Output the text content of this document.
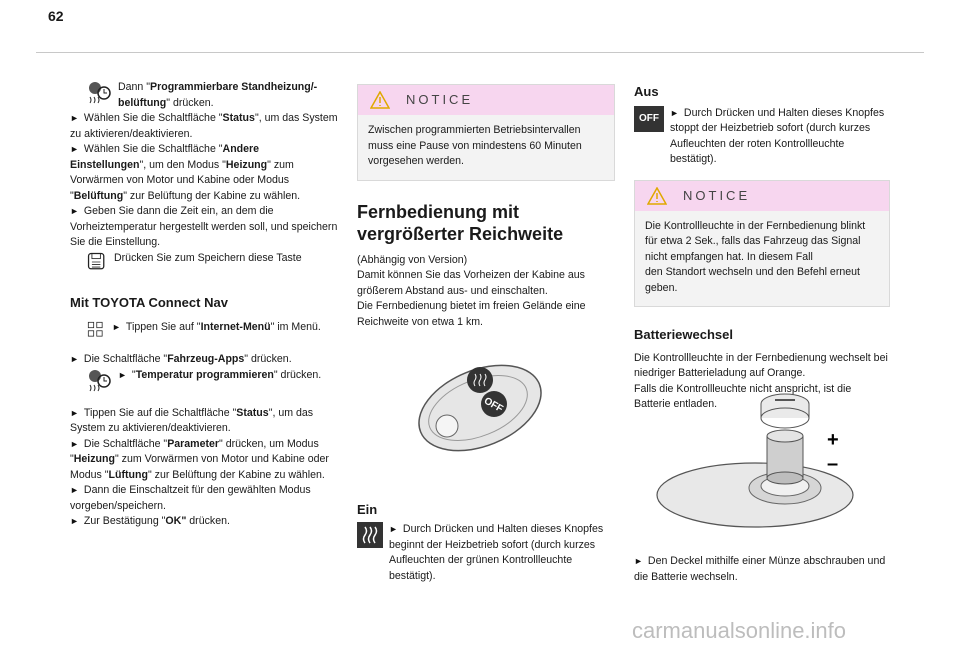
62

Dann "Programmierbare Standheizung/-belüftung" drücken.

► Wählen Sie die Schaltfläche "Status", um das System zu aktivieren/deaktivieren.

► Wählen Sie die Schaltfläche "Andere Einstellungen", um den Modus "Heizung" zum Vorwärmen von Motor und Kabine oder Modus "Belüftung" zur Belüftung der Kabine zu wählen.

► Geben Sie dann die Zeit ein, an dem die Vorheiztemperatur hergestellt werden soll, und speichern Sie die Einstellung.

Drücken Sie zum Speichern diese Taste

Mit TOYOTA Connect Nav

► Tippen Sie auf "Internet-Menü" im Menü.

► Die Schaltfläche "Fahrzeug-Apps" drücken.

► "Temperatur programmieren" drücken.

► Tippen Sie auf die Schaltfläche "Status", um das System zu aktivieren/deaktivieren.

► Die Schaltfläche "Parameter" drücken, um Modus "Heizung" zum Vorwärmen von Motor und Kabine oder Modus "Lüftung" zur Belüftung der Kabine zu wählen.

► Dann die Einschaltzeit für den gewählten Modus vorgeben/speichern.

► Zur Bestätigung "OK" drücken.

NOTICE
Zwischen programmierten Betriebsintervallen muss eine Pause von mindestens 60 Minuten vorgesehen werden.
Fernbedienung mit vergrößerter Reichweite

(Abhängig von Version)
Damit können Sie das Vorheizen der Kabine aus größerem Abstand aus- und einschalten.
Die Fernbedienung bietet im freien Gelände eine Reichweite von etwa 1 km.

Ein

► Durch Drücken und Halten dieses Knopfes beginnt der Heizbetrieb sofort (durch kurzes Aufleuchten der grünen Kontrollleuchte bestätigt).

OFF
Aus
OFF

► Durch Drücken und Halten dieses Knopfes stoppt der Heizbetrieb sofort (durch kurzes Aufleuchten der roten Kontrollleuchte bestätigt).

NOTICE
Die Kontrollleuchte in der Fernbedienung blinkt für etwa 2 Sek., falls das Fahrzeug das Signal nicht empfangen hat. In diesem Fall
den Standort wechseln und den Befehl erneut geben.
Batteriewechsel

Die Kontrollleuchte in der Fernbedienung wechselt bei niedriger Batterieladung auf Orange.
Falls die Kontrollleuchte nicht anspricht, ist die Batterie entladen.

► Den Deckel mithilfe einer Münze abschrauben und die Batterie wechseln.

+
–
carmanualsonline.info
